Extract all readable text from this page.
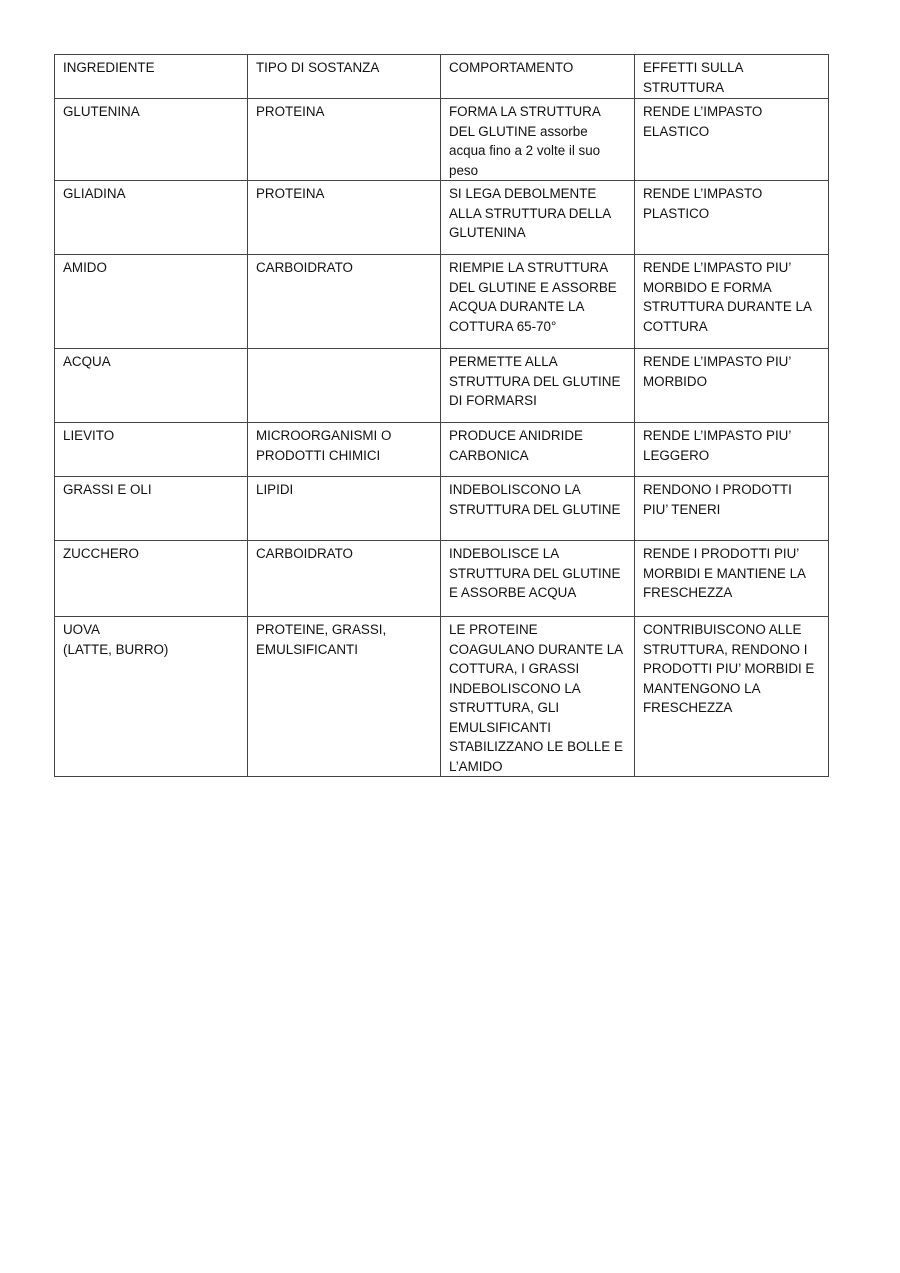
INGREDIENTE	TIPO DI SOSTANZA	COMPORTAMENTO	EFFETTI SULLA STRUTTURA

GLUTENINA	PROTEINA	FORMA LA STRUTTURA DEL GLUTINE assorbe acqua fino a 2 volte il suo peso	RENDE L’IMPASTO ELASTICO

GLIADINA	PROTEINA	SI LEGA DEBOLMENTE ALLA STRUTTURA DELLA GLUTENINA	RENDE L’IMPASTO PLASTICO

AMIDO	CARBOIDRATO	RIEMPIE LA STRUTTURA DEL GLUTINE E ASSORBE ACQUA DURANTE LA COTTURA 65-70°	RENDE L’IMPASTO PIU’ MORBIDO E FORMA STRUTTURA DURANTE LA COTTURA

ACQUA		PERMETTE ALLA STRUTTURA DEL GLUTINE DI FORMARSI	RENDE L’IMPASTO PIU’ MORBIDO

LIEVITO	MICROORGANISMI O PRODOTTI CHIMICI	PRODUCE ANIDRIDE CARBONICA	RENDE L’IMPASTO PIU’ LEGGERO

GRASSI E OLI	LIPIDI	INDEBOLISCONO LA STRUTTURA DEL GLUTINE	RENDONO I PRODOTTI PIU’ TENERI

ZUCCHERO	CARBOIDRATO	INDEBOLISCE LA STRUTTURA DEL GLUTINE E ASSORBE ACQUA	RENDE I PRODOTTI PIU’ MORBIDI E MANTIENE LA FRESCHEZZA

UOVA
(LATTE, BURRO)	PROTEINE, GRASSI, EMULSIFICANTI	LE PROTEINE COAGULANO DURANTE LA COTTURA, I GRASSI INDEBOLISCONO LA STRUTTURA, GLI EMULSIFICANTI STABILIZZANO LE BOLLE E L’AMIDO	CONTRIBUISCONO ALLE STRUTTURA, RENDONO I PRODOTTI PIU’ MORBIDI E MANTENGONO LA FRESCHEZZA
